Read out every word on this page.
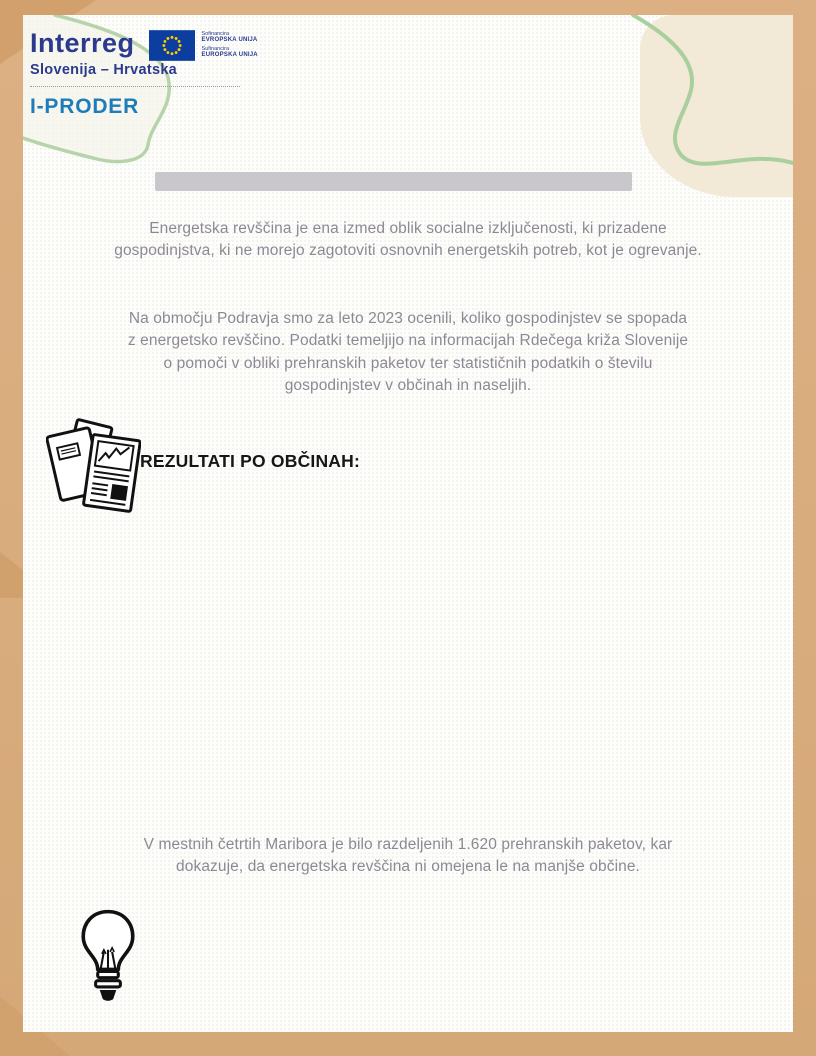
Interreg	Sofinancira
EVROPSKA UNIJA
Sufinancira
EUROPSKA UNIJA
Slovenija – Hrvatska
I-PRODER

Energetska revščina je ena izmed oblik socialne izključenosti, ki prizadene gospodinjstva, ki ne morejo zagotoviti osnovnih energetskih potreb, kot je ogrevanje.

Na območju Podravja smo za leto 2023 ocenili, koliko gospodinjstev se spopada z energetsko revščino. Podatki temeljijo na informacijah Rdečega križa Slovenije o pomoči v obliki prehranskih paketov ter statističnih podatkih o številu gospodinjstev v občinah in naseljih.

REZULTATI PO OBČINAH:

V mestnih četrtih Maribora je bilo razdeljenih 1.620 prehranskih paketov, kar dokazuje, da energetska revščina ni omejena le na manjše občine.
